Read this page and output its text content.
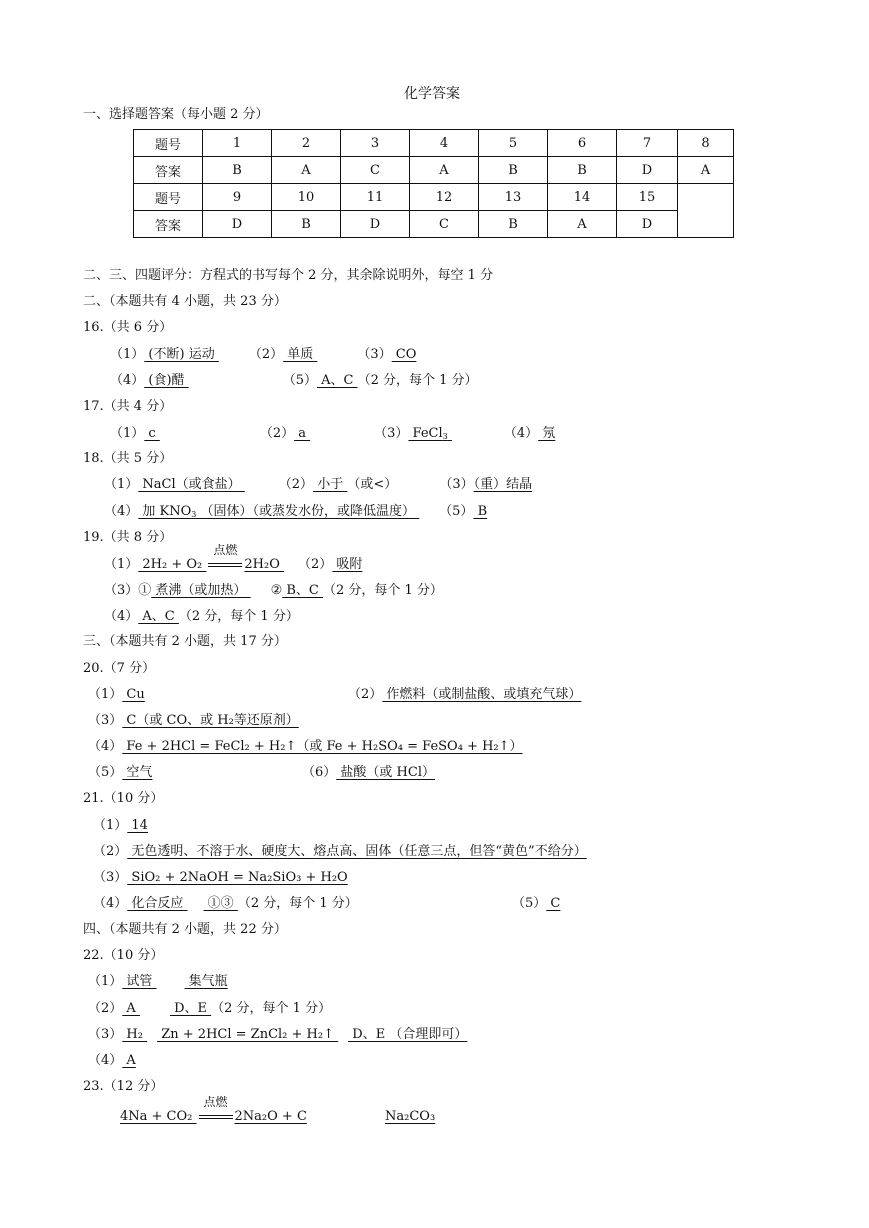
化学答案
一、选择题答案（每小题 2 分）
题号	1	2	3	4	5	6	7	8
答案	B	A	C	A	B	B	D	A
题号	9	10	11	12	13	14	15	
答案	D	B	D	C	B	A	D	
二、三、四题评分：方程式的书写每个 2 分，其余除说明外，每空 1 分
二、（本题共有 4 小题，共 23 分）
16.（共 6 分）
（1） (不断) 运动 （2） 单质	（3） CO
（4） (食)醋	（5） A、C （2 分，每个 1 分）
17.（共 4 分）
（1） c	（2） a	（3） FeCl$_3$	（4） 氖
18.（共 5 分）
（1） NaCl（或食盐）	（2） 小于 （或<）	（3）（重）结晶
（4） 加 $KNO_3$ （固体）（或蒸发水份，或降低温度） （5） B
19.（共 8 分）
（1） 2H₂ + O₂
点燃
2H₂O （2） 吸附
（3）① 煮沸（或加热） ② B、C （2 分，每个 1 分）
（4） A、C （2 分，每个 1 分）
三、（本题共有 2 小题，共 17 分）
20.（7 分）
（1） Cu	（2） 作燃料（或制盐酸、或填充气球）
（3） C（或 CO、或 H₂等还原剂）
（4） Fe + 2HCl = FeCl₂ + H₂↑（或 Fe + H₂SO₄ = FeSO₄ + H₂↑）
（5） 空气	（6） 盐酸（或 HCl）
21.（10 分）
（1） 14
（2） 无色透明、不溶于水、硬度大、熔点高、固体（任意三点，但答“黄色”不给分）
（3） SiO₂ + 2NaOH = Na₂SiO₃ + H₂O
（4） 化合反应  ①③ （2 分，每个 1 分）	（5） C
四、（本题共有 2 小题，共 22 分）
22.（10 分）
（1） 试管  集气瓶
（2） A  D、E （2 分，每个 1 分）
（3） H₂  Zn + 2HCl = ZnCl₂ + H₂↑  D、E （合理即可）
（4） A
23.（12 分）
4Na + CO₂
点燃
2Na₂O + C	Na₂CO₃
